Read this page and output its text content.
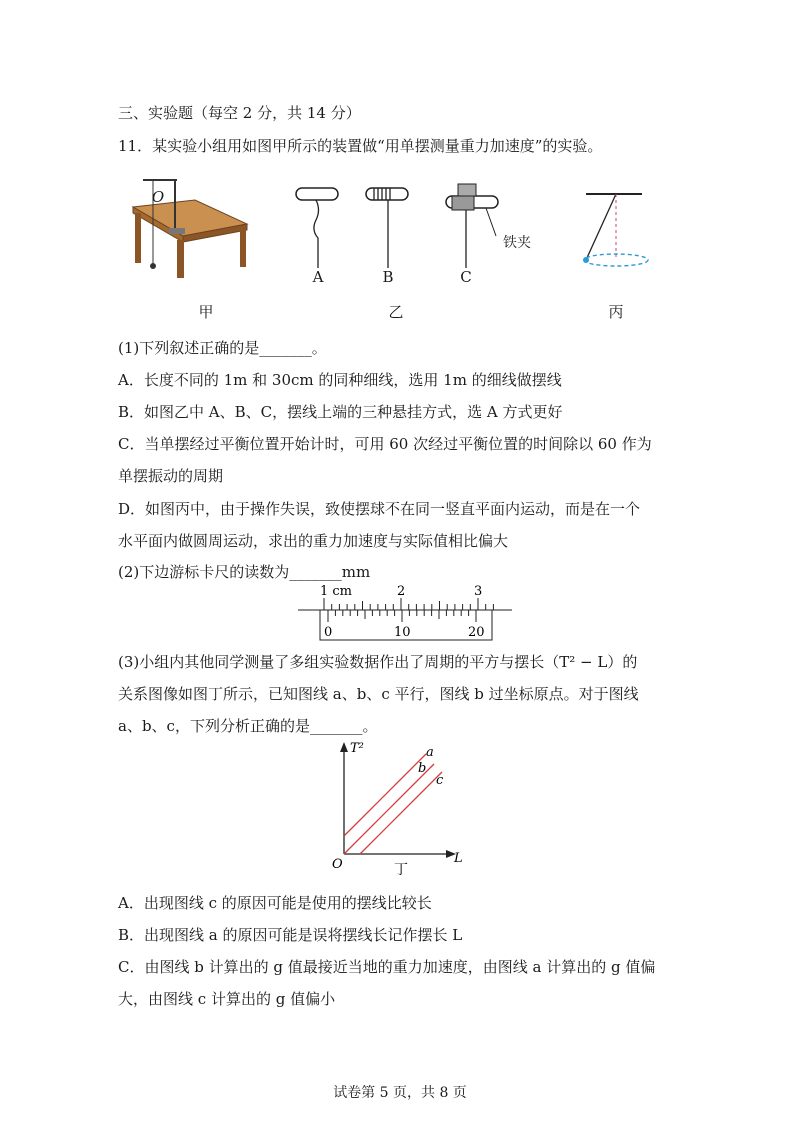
三、实验题（每空 2 分，共 14 分）
11．某实验小组用如图甲所示的装置做“用单摆测量重力加速度”的实验。
O
A	B	C
铁夹
甲	乙	丙
(1)下列叙述正确的是_______。
A．长度不同的 1m 和 30cm 的同种细线，选用 1m 的细线做摆线
B．如图乙中 A、B、C，摆线上端的三种悬挂方式，选 A 方式更好
C．当单摆经过平衡位置开始计时，可用 60 次经过平衡位置的时间除以 60 作为
单摆振动的周期
D．如图丙中，由于操作失误，致使摆球不在同一竖直平面内运动，而是在一个
水平面内做圆周运动，求出的重力加速度与实际值相比偏大
(2)下边游标卡尺的读数为_______mm
1 cm	2	3
0	10	20
(3)小组内其他同学测量了多组实验数据作出了周期的平方与摆长（T² − L）的
关系图像如图丁所示，已知图线 a、b、c 平行，图线 b 过坐标原点。对于图线
a、b、c，下列分析正确的是_______。
T²	a
b
c
O	L
丁
A．出现图线 c 的原因可能是使用的摆线比较长
B．出现图线 a 的原因可能是误将摆线长记作摆长 L
C．由图线 b 计算出的 g 值最接近当地的重力加速度，由图线 a 计算出的 g 值偏
大，由图线 c 计算出的 g 值偏小
试卷第 5 页，共 8 页
